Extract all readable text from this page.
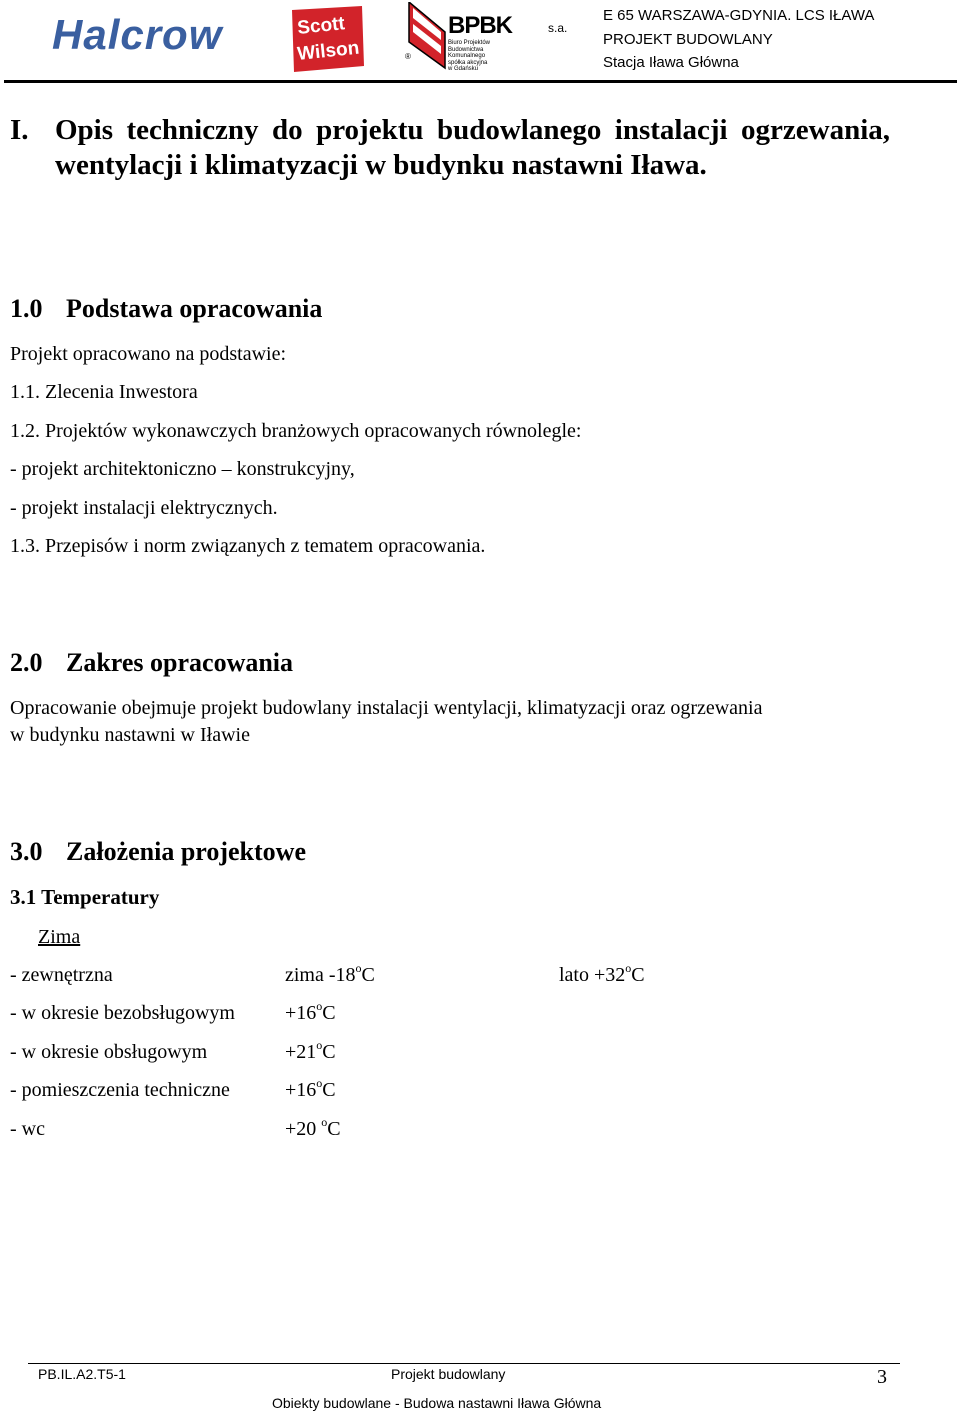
Halcrow	Scott
Wilson
BPBK	s.a.
Biuro Projektów
Budownictwa
Komunalnego
spółka akcyjna
w Gdańsku
®
E 65 WARSZAWA-GDYNIA. LCS IŁAWA
PROJEKT BUDOWLANY
Stacja Iława Główna
I. Opis techniczny do projektu budowlanego instalacji ogrzewania, wentylacji i klimatyzacji w budynku nastawni Iława.
1.0 Podstawa opracowania
Projekt opracowano na podstawie:
1.1. Zlecenia Inwestora
1.2. Projektów wykonawczych branżowych opracowanych równolegle:
- projekt architektoniczno – konstrukcyjny,
- projekt instalacji elektrycznych.
1.3. Przepisów i norm związanych z tematem opracowania.
2.0 Zakres opracowania
Opracowanie obejmuje projekt budowlany instalacji wentylacji, klimatyzacji oraz ogrzewania
w budynku nastawni w Iławie
3.0 Założenia projektowe
3.1 Temperatury
Zima
- zewnętrzna	zima -18$^o$C	lato $+32^oC$
- w okresie bezobsługowym	$+16^oC$
- w okresie obsługowym	$+21^oC$
- pomieszczenia techniczne	$+16^oC$
- wc	+20 $^o$C
PB.IL.A2.T5-1	Projekt budowlany
Obiekty budowlane - Budowa nastawni Iława Główna
3
